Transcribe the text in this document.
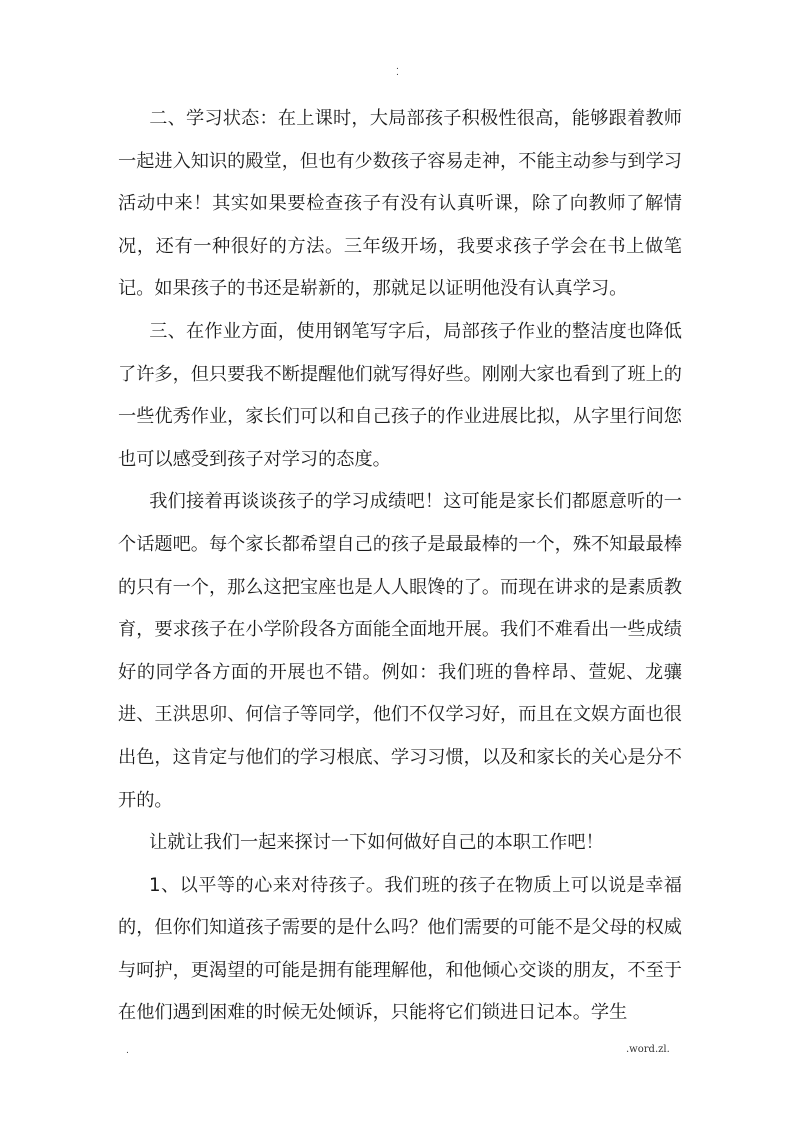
.
.

二、学习状态：在上课时，大局部孩子积极性很高，能够跟着教师一起进入知识的殿堂，但也有少数孩子容易走神，不能主动参与到学习活动中来！其实如果要检查孩子有没有认真听课，除了向教师了解情况，还有一种很好的方法。三年级开场，我要求孩子学会在书上做笔记。如果孩子的书还是崭新的，那就足以证明他没有认真学习。

三、在作业方面，使用钢笔写字后，局部孩子作业的整洁度也降低了许多，但只要我不断提醒他们就写得好些。刚刚大家也看到了班上的一些优秀作业，家长们可以和自己孩子的作业进展比拟，从字里行间您也可以感受到孩子对学习的态度。

我们接着再谈谈孩子的学习成绩吧！这可能是家长们都愿意听的一个话题吧。每个家长都希望自己的孩子是最最棒的一个，殊不知最最棒的只有一个，那么这把宝座也是人人眼馋的了。而现在讲求的是素质教育，要求孩子在小学阶段各方面能全面地开展。我们不难看出一些成绩好的同学各方面的开展也不错。例如：我们班的鲁梓昂、萱妮、龙骧进、王洪思卯、何信子等同学，他们不仅学习好，而且在文娱方面也很出色，这肯定与他们的学习根底、学习习惯，以及和家长的关心是分不开的。

让就让我们一起来探讨一下如何做好自己的本职工作吧！

1、以平等的心来对待孩子。我们班的孩子在物质上可以说是幸福的，但你们知道孩子需要的是什么吗？他们需要的可能不是父母的权威与呵护，更渴望的可能是拥有能理解他，和他倾心交谈的朋友，不至于在他们遇到困难的时候无处倾诉，只能将它们锁进日记本。学生

.	.word.zl.
